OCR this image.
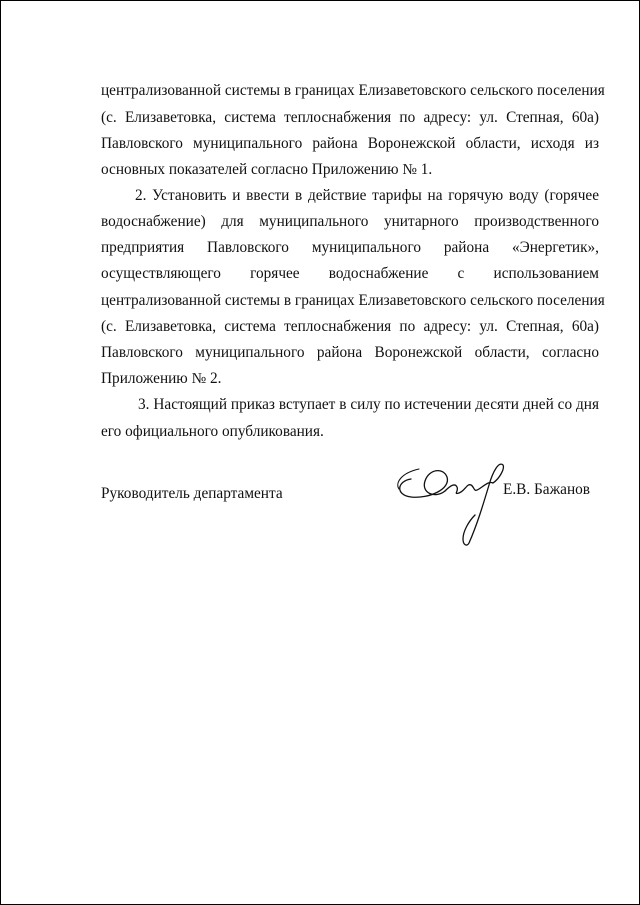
централизованной системы в границах Елизаветовского сельского поселения
(с. Елизаветовка, система теплоснабжения по адресу: ул. Степная, 60а)
Павловского муниципального района Воронежской области, исходя из
основных показателей согласно Приложению № 1.
2. Установить и ввести в действие тарифы на горячую воду (горячее
водоснабжение) для муниципального унитарного производственного
предприятия Павловского муниципального района «Энергетик»,
осуществляющего горячее водоснабжение с использованием
централизованной системы в границах Елизаветовского сельского поселения
(с. Елизаветовка, система теплоснабжения по адресу: ул. Степная, 60а)
Павловского муниципального района Воронежской области, согласно
Приложению № 2.
3. Настоящий приказ вступает в силу по истечении десяти дней со дня
его официального опубликования.
Руководитель департамента	Е.В. Бажанов
